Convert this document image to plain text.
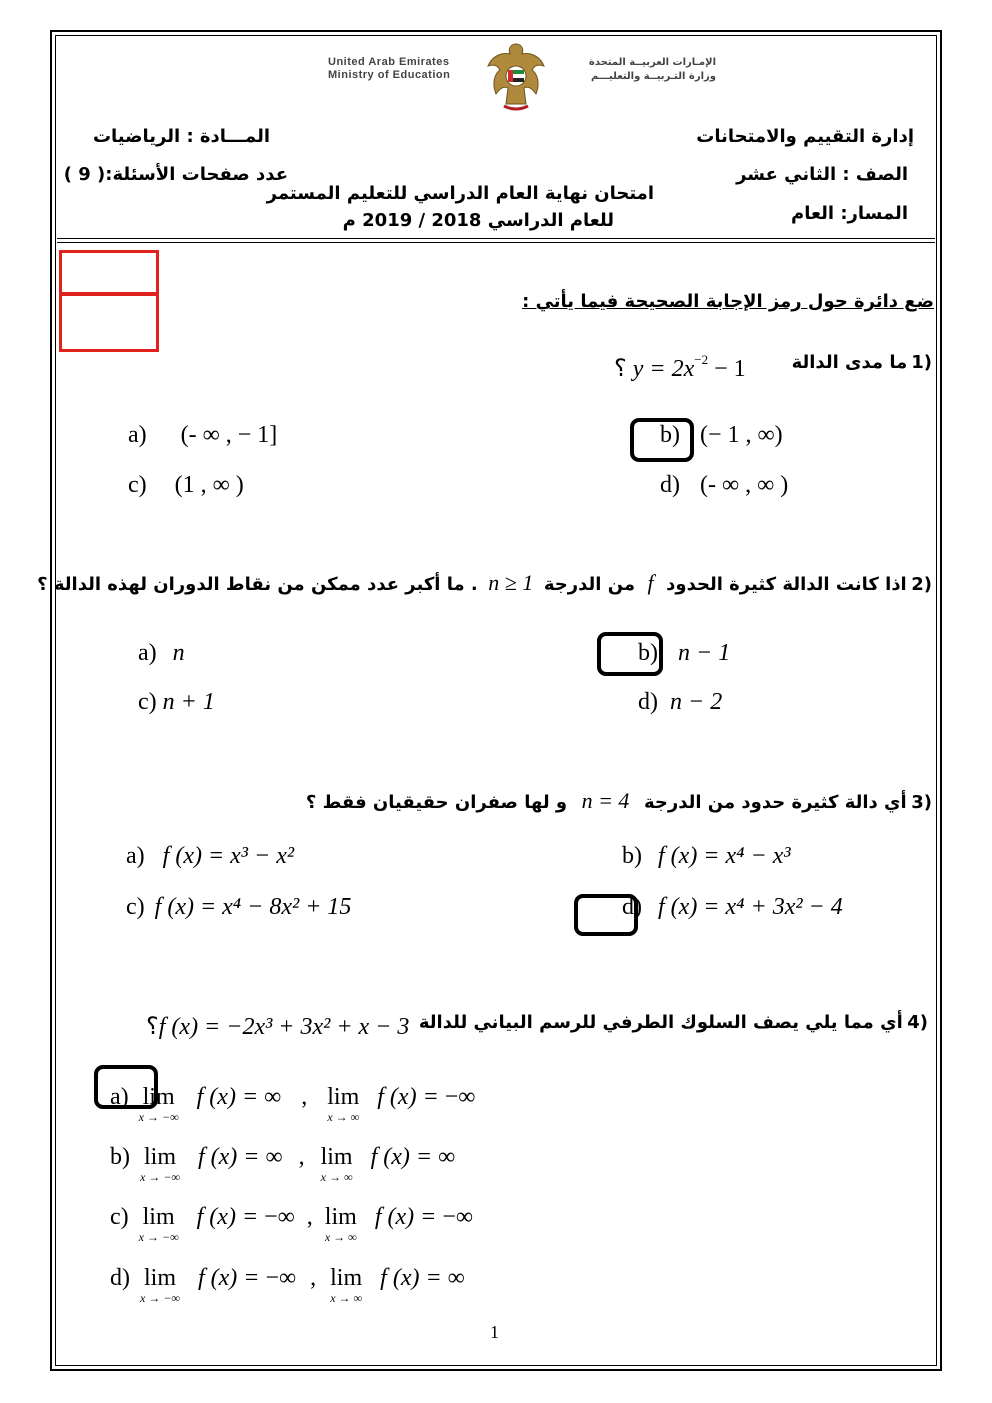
United Arab Emirates
Ministry of Education
الإمـارات العربيــة المتحدة
وزارة التـربيــة والتعليـــم
إدارة التقييم والامتحانات
الصف : الثاني عشر
المسار: العام
المـــادة : الرياضيات
عدد صفحات الأسئلة:( 9 )
امتحان نهاية العام الدراسي للتعليم المستمر
للعام الدراسي 2018 / 2019 م
ضع دائرة حول رمز الإجابة الصحيحة فيما يأتي :
1) ما مدى الدالة
؟ $y = 2x^{-2} - 1$
a) (- ∞ , − 1]
c) (1 , ∞ )
b) (− 1 , ∞)
d) (- ∞ , ∞ )
2) اذا كانت الدالة كثيرة الحدود f من الدرجة n ≥ 1 . ما أكبر عدد ممكن من نقاط الدوران لهذه الدالة ؟
a) n
c) n + 1
b) n − 1
d) n − 2
3) أي دالة كثيرة حدود من الدرجة n = 4 و لها صفران حقيقيان فقط ؟
a) f (x) = x³ − x²
c) f (x) = x⁴ − 8x² + 15
b) f (x) = x⁴ − x³
d) f (x) = x⁴ + 3x² − 4
4) أي مما يلي يصف السلوك الطرفي للرسم البياني للدالة
؟f (x) = −2x³ + 3x² + x − 3
a) lim
x → −∞
f (x) = ∞ , lim
x → ∞
f (x) = −∞
b) lim
x → −∞
f (x) = ∞ , lim
x → ∞
f (x) = ∞
c) lim
x → −∞
f (x) = −∞ , lim
x → ∞
f (x) = −∞
d) lim
x → −∞
f (x) = −∞ , lim
x → ∞
f (x) = ∞
1
